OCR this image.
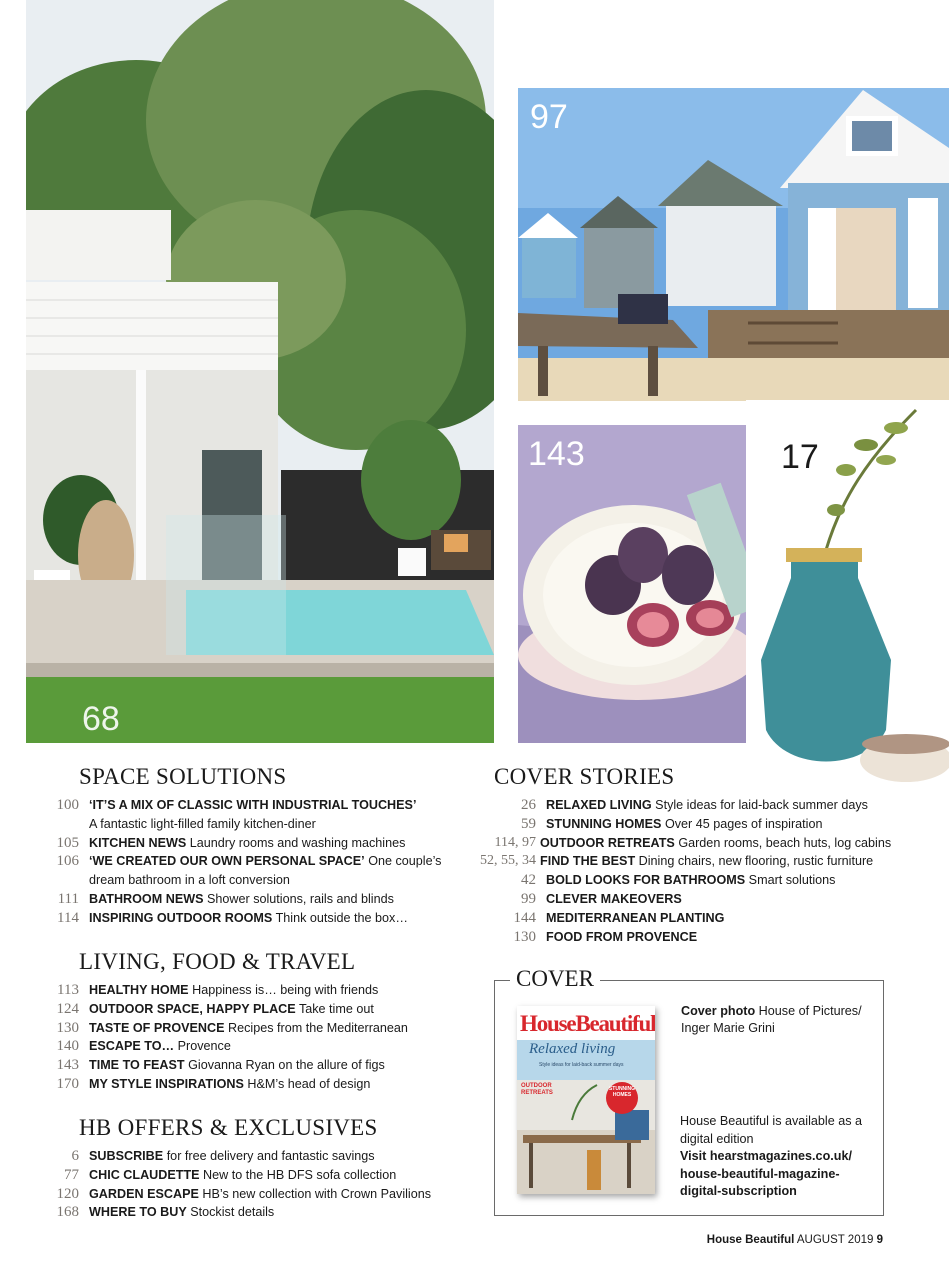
68
97
143	17
SPACE SOLUTIONS
100 ‘IT’S A MIX OF CLASSIC WITH INDUSTRIAL TOUCHES’
A fantastic light-filled family kitchen-diner
105 KITCHEN NEWS Laundry rooms and washing machines
106 ‘WE CREATED OUR OWN PERSONAL SPACE’ One couple’s dream bathroom in a loft conversion
111 BATHROOM NEWS Shower solutions, rails and blinds
114 INSPIRING OUTDOOR ROOMS Think outside the box…
LIVING, FOOD & TRAVEL
113 HEALTHY HOME Happiness is… being with friends
124 OUTDOOR SPACE, HAPPY PLACE Take time out
130 TASTE OF PROVENCE Recipes from the Mediterranean
140 ESCAPE TO… Provence
143 TIME TO FEAST Giovanna Ryan on the allure of figs
170 MY STYLE INSPIRATIONS H&M’s head of design
HB OFFERS & EXCLUSIVES
6 SUBSCRIBE for free delivery and fantastic savings
77 CHIC CLAUDETTE New to the HB DFS sofa collection
120 GARDEN ESCAPE HB’s new collection with Crown Pavilions
168 WHERE TO BUY Stockist details
COVER STORIES
26 RELAXED LIVING Style ideas for laid-back summer days
59 STUNNING HOMES Over 45 pages of inspiration
114, 97 OUTDOOR RETREATS Garden rooms, beach huts, log cabins
52, 55, 34 FIND THE BEST Dining chairs, new flooring, rustic furniture
42 BOLD LOOKS FOR BATHROOMS Smart solutions
99 CLEVER MAKEOVERS
144 MEDITERRANEAN PLANTING
130 FOOD FROM PROVENCE
COVER
HouseBeautiful
Relaxed living
Style ideas for laid-back summer days
OUTDOOR RETREATS
STUNNING HOMES
Cover photo House of Pictures/ Inger Marie Grini
House Beautiful is available as a digital edition
Visit hearstmagazines.co.uk/ house-beautiful-magazine-digital-subscription
House Beautiful AUGUST 2019 9
